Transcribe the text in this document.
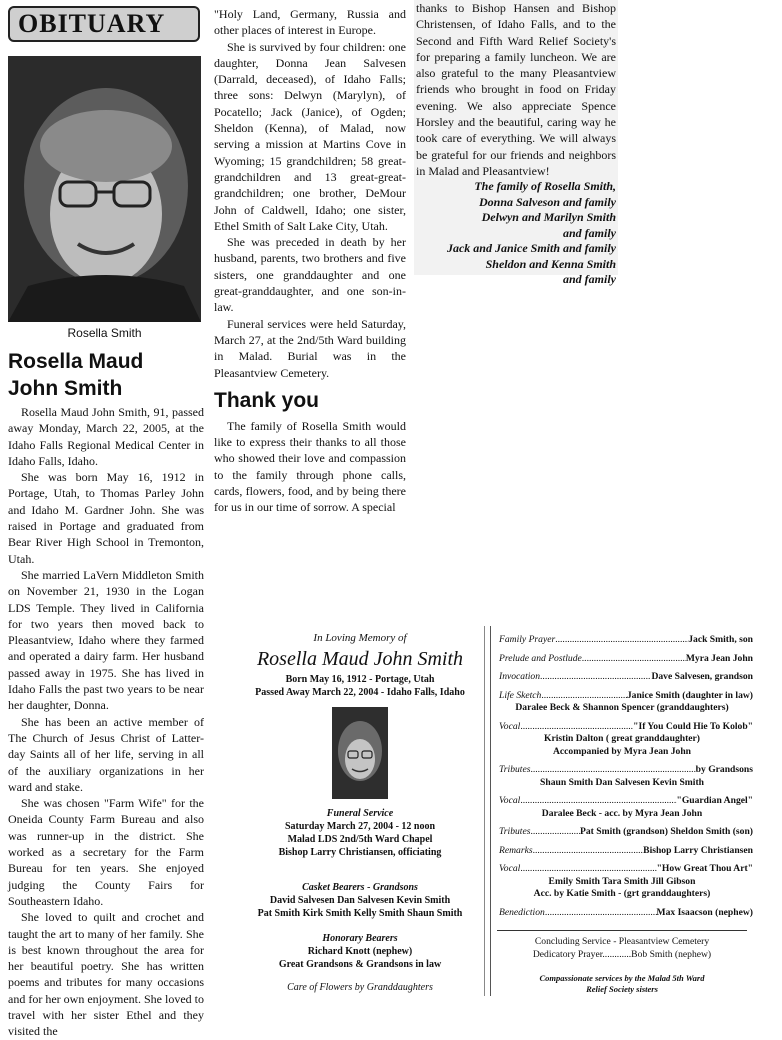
OBITUARY
Rosella Smith
Rosella Maud
John Smith

Rosella Maud John Smith, 91, passed away Monday, March 22, 2005, at the Idaho Falls Regional Medical Center in Idaho Falls, Idaho.

She was born May 16, 1912 in Portage, Utah, to Thomas Parley John and Idaho M. Gardner John. She was raised in Portage and graduated from Bear River High School in Tremonton, Utah.

She married LaVern Middleton Smith on November 21, 1930 in the Logan LDS Temple. They lived in California for two years then moved back to Pleasantview, Idaho where they farmed and operated a dairy farm. Her husband passed away in 1975. She has lived in Idaho Falls the past two years to be near her daughter, Donna.

She has been an active member of The Church of Jesus Christ of Latter-day Saints all of her life, serving in all of the auxiliary organizations in her ward and stake.

She was chosen "Farm Wife" for the Oneida County Farm Bureau and also was runner-up in the district. She worked as a secretary for the Farm Bureau for ten years. She enjoyed judging the County Fairs for Southeastern Idaho.

She loved to quilt and crochet and taught the art to many of her family. She is best known throughout the area for her beautiful poetry. She has written poems and tributes for many occasions and for her own enjoyment. She loved to travel with her sister Ethel and they visited the

"Holy Land, Germany, Russia and other places of interest in Europe.

She is survived by four children: one daughter, Donna Jean Salvesen (Darrald, deceased), of Idaho Falls; three sons: Delwyn (Marylyn), of Pocatello; Jack (Janice), of Ogden; Sheldon (Kenna), of Malad, now serving a mission at Martins Cove in Wyoming; 15 grandchildren; 58 great-grandchildren and 13 great-great-grandchildren; one brother, DeMour John of Caldwell, Idaho; one sister, Ethel Smith of Salt Lake City, Utah.

She was preceded in death by her husband, parents, two brothers and five sisters, one granddaughter and one great-granddaughter, and one son-in-law.

Funeral services were held Saturday, March 27, at the 2nd/5th Ward building in Malad. Burial was in the Pleasantview Cemetery.

Thank you

The family of Rosella Smith would like to express their thanks to all those who showed their love and compassion to the family through phone calls, cards, flowers, food, and by being there for us in our time of sorrow. A special

thanks to Bishop Hansen and Bishop Christensen, of Idaho Falls, and to the Second and Fifth Ward Relief Society's for preparing a family luncheon. We are also grateful to the many Pleasantview friends who brought in food on Friday evening. We also appreciate Spence Horsley and the beautiful, caring way he took care of everything. We will always be grateful for our friends and neighbors in Malad and Pleasantview!

The family of Rosella Smith,
Donna Salveson and family
Delwyn and Marilyn Smith
and family
Jack and Janice Smith and family
Sheldon and Kenna Smith
and family
In Loving Memory of
Rosella Maud John Smith
Born May 16, 1912 - Portage, Utah
Passed Away March 22, 2004 - Idaho Falls, Idaho
Funeral Service
Saturday March 27, 2004 - 12 noon
Malad LDS 2nd/5th Ward Chapel
Bishop Larry Christiansen, officiating
Casket Bearers - Grandsons
David Salvesen Dan Salvesen Kevin Smith
Pat Smith Kirk Smith Kelly Smith Shaun Smith
Honorary Bearers
Richard Knott (nephew)
Great Grandsons & Grandsons in law
Care of Flowers by Granddaughters
Family Prayer .....	Jack Smith, son
Prelude and Postlude .....	Myra Jean John
Invocation .....	Dave Salvesen, grandson
Life Sketch .....	Janice Smith (daughter in law)
Daralee Beck & Shannon Spencer (granddaughters)
Vocal .....	"If You Could Hie To Kolob"
Kristin Dalton ( great granddaughter)
Accompanied by Myra Jean John
Tributes .....	by Grandsons
Shaun Smith Dan Salvesen Kevin Smith
Vocal .....	"Guardian Angel"
Daralee Beck - acc. by Myra Jean John
Tributes .....	Pat Smith (grandson) Sheldon Smith (son)
Remarks .....	Bishop Larry Christiansen
Vocal .....	"How Great Thou Art"
Emily Smith Tara Smith Jill Gibson
Acc. by Katie Smith - (grt granddaughters)
Benediction .....	Max Isaacson (nephew)
Concluding Service - Pleasantview Cemetery
Dedicatory Prayer............Bob Smith (nephew)
Compassionate services by the Malad 5th Ward
Relief Society sisters
